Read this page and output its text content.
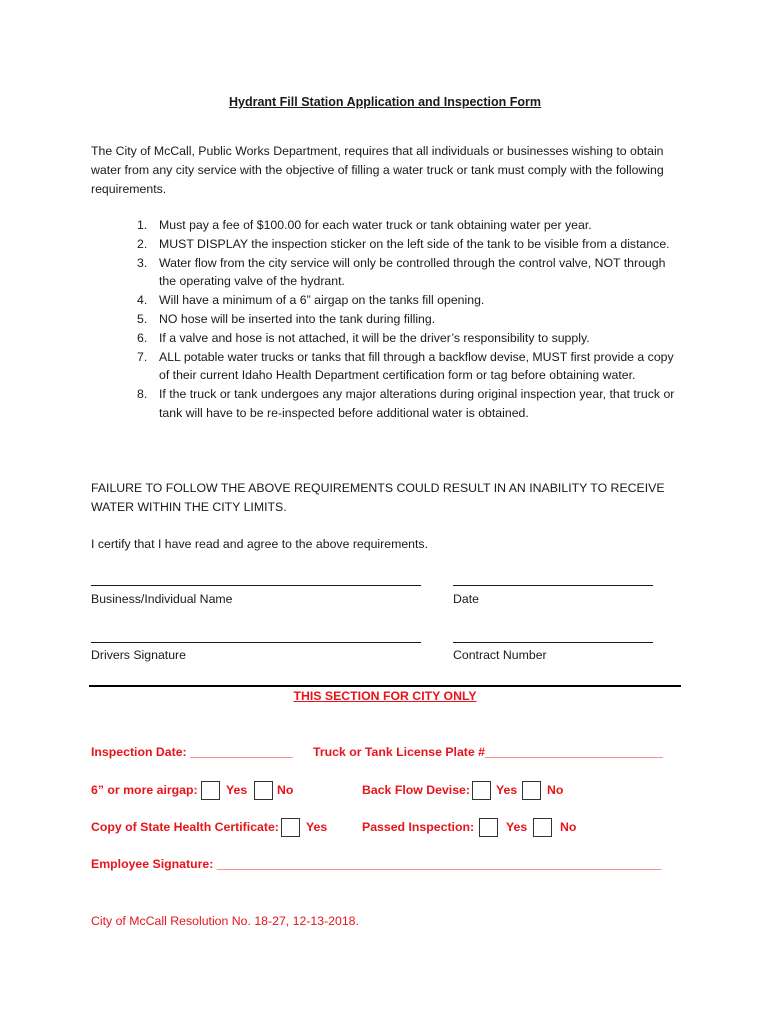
Hydrant Fill Station Application and Inspection Form
The City of McCall, Public Works Department, requires that all individuals or businesses wishing to obtain water from any city service with the objective of filling a water truck or tank must comply with the following requirements.
1. Must pay a fee of $100.00 for each water truck or tank obtaining water per year.
2. MUST DISPLAY the inspection sticker on the left side of the tank to be visible from a distance.
3. Water flow from the city service will only be controlled through the control valve, NOT through the operating valve of the hydrant.
4. Will have a minimum of a 6” airgap on the tanks fill opening.
5. NO hose will be inserted into the tank during filling.
6. If a valve and hose is not attached, it will be the driver’s responsibility to supply.
7. ALL potable water trucks or tanks that fill through a backflow devise, MUST first provide a copy of their current Idaho Health Department certification form or tag before obtaining water.
8. If the truck or tank undergoes any major alterations during original inspection year, that truck or tank will have to be re-inspected before additional water is obtained.
FAILURE TO FOLLOW THE ABOVE REQUIREMENTS COULD RESULT IN AN INABILITY TO RECEIVE WATER WITHIN THE CITY LIMITS.
I certify that I have read and agree to the above requirements.
Business/Individual Name	Date
Drivers Signature	Contract Number
THIS SECTION FOR CITY ONLY
Inspection Date: _______________ Truck or Tank License Plate #__________________________
6” or more airgap: Yes No	Back Flow Devise: Yes No
Copy of State Health Certificate: Yes	Passed Inspection:	Yes	No
Employee Signature: _________________________________________________________________
City of McCall Resolution No. 18-27, 12-13-2018.
